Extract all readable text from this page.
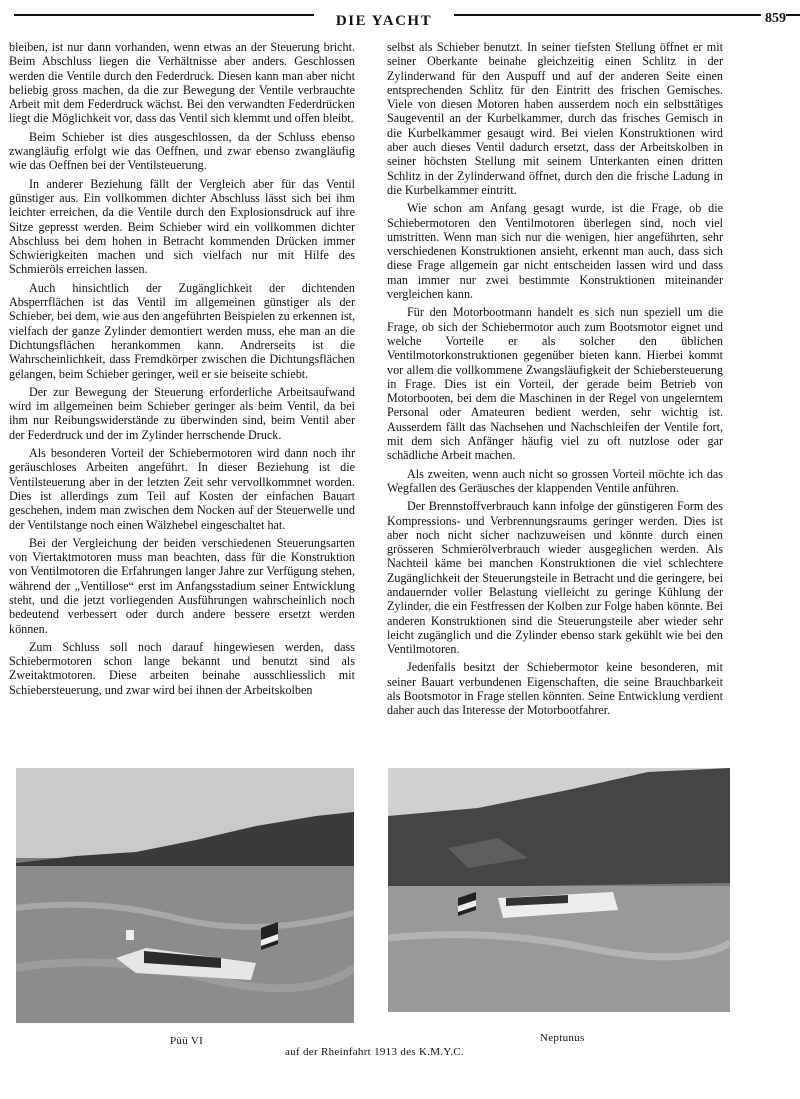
DIE YACHT	859

bleiben, ist nur dann vorhanden, wenn etwas an der Steuerung bricht. Beim Abschluss liegen die Verhältnisse aber anders. Geschlossen werden die Ventile durch den Federdruck. Diesen kann man aber nicht beliebig gross machen, da die zur Bewegung der Ventile verbrauchte Arbeit mit dem Federdruck wächst. Bei den verwandten Federdrücken liegt die Möglichkeit vor, dass das Ventil sich klemmt und offen bleibt.

Beim Schieber ist dies ausgeschlossen, da der Schluss ebenso zwangläufig erfolgt wie das Oeffnen, und zwar ebenso zwangläufig wie das Oeffnen bei der Ventilsteuerung.

In anderer Beziehung fällt der Vergleich aber für das Ventil günstiger aus. Ein vollkommen dichter Abschluss lässt sich bei ihm leichter erreichen, da die Ventile durch den Explosionsdruck auf ihre Sitze gepresst werden. Beim Schieber wird ein vollkommen dichter Abschluss bei dem hohen in Betracht kommenden Drücken immer Schwierigkeiten machen und sich vielfach nur mit Hilfe des Schmieröls erreichen lassen.

Auch hinsichtlich der Zugänglichkeit der dichtenden Absperrflächen ist das Ventil im allgemeinen günstiger als der Schieber, bei dem, wie aus den angeführten Beispielen zu erkennen ist, vielfach der ganze Zylinder demontiert werden muss, ehe man an die Dichtungsflächen herankommen kann. Andrerseits ist die Wahrscheinlichkeit, dass Fremdkörper zwischen die Dichtungsflächen gelangen, beim Schieber geringer, weil er sie beiseite schiebt.

Der zur Bewegung der Steuerung erforderliche Arbeitsaufwand wird im allgemeinen beim Schieber geringer als beim Ventil, da bei ihm nur Reibungswiderstände zu überwinden sind, beim Ventil aber der Federdruck und der im Zylinder herrschende Druck.

Als besonderen Vorteil der Schiebermotoren wird dann noch ihr geräuschloses Arbeiten angeführt. In dieser Beziehung ist die Ventilsteuerung aber in der letzten Zeit sehr vervollkommnet worden. Dies ist allerdings zum Teil auf Kosten der einfachen Bauart geschehen, indem man zwischen dem Nocken auf der Steuerwelle und der Ventilstange noch einen Wälzhebel eingeschaltet hat.

Bei der Vergleichung der beiden verschiedenen Steuerungsarten von Viertaktmotoren muss man beachten, dass für die Konstruktion von Ventilmotoren die Erfahrungen langer Jahre zur Verfügung stehen, während der „Ventillose“ erst im Anfangsstadium seiner Entwicklung steht, und die jetzt vorliegenden Ausführungen wahrscheinlich noch bedeutend verbessert oder durch andere bessere ersetzt werden können.

Zum Schluss soll noch darauf hingewiesen werden, dass Schiebermotoren schon lange bekannt und benutzt sind als Zweitaktmotoren. Diese arbeiten beinahe ausschliesslich mit Schiebersteuerung, und zwar wird bei ihnen der Arbeitskolben

selbst als Schieber benutzt. In seiner tiefsten Stellung öffnet er mit seiner Oberkante beinahe gleichzeitig einen Schlitz in der Zylinderwand für den Auspuff und auf der anderen Seite einen entsprechenden Schlitz für den Eintritt des frischen Gemisches. Viele von diesen Motoren haben ausserdem noch ein selbsttätiges Saugeventil an der Kurbelkammer, durch das frisches Gemisch in die Kurbelkammer gesaugt wird. Bei vielen Konstruktionen wird aber auch dieses Ventil dadurch ersetzt, dass der Arbeitskolben in seiner höchsten Stellung mit seinem Unterkanten einen dritten Schlitz in der Zylinderwand öffnet, durch den die frische Ladung in die Kurbelkammer eintritt.

Wie schon am Anfang gesagt wurde, ist die Frage, ob die Schiebermotoren den Ventilmotoren überlegen sind, noch viel umstritten. Wenn man sich nur die wenigen, hier angeführten, sehr verschiedenen Konstruktionen ansieht, erkennt man auch, dass sich diese Frage allgemein gar nicht entscheiden lassen wird und dass man immer nur zwei bestimmte Konstruktionen miteinander vergleichen kann.

Für den Motorbootmann handelt es sich nun speziell um die Frage, ob sich der Schiebermotor auch zum Bootsmotor eignet und welche Vorteile er als solcher den üblichen Ventilmotorkonstruktionen gegenüber bieten kann. Hierbei kommt vor allem die vollkommene Zwangsläufigkeit der Schiebersteuerung in Frage. Dies ist ein Vorteil, der gerade beim Betrieb von Motorbooten, bei dem die Maschinen in der Regel von ungelerntem Personal oder Amateuren bedient werden, sehr wichtig ist. Ausserdem fällt das Nachsehen und Nachschleifen der Ventile fort, mit dem sich Anfänger häufig viel zu oft nutzlose oder gar schädliche Arbeit machen.

Als zweiten, wenn auch nicht so grossen Vorteil möchte ich das Wegfallen des Geräusches der klappenden Ventile anführen.

Der Brennstoffverbrauch kann infolge der günstigeren Form des Kompressions- und Verbrennungsraums geringer werden. Dies ist aber noch nicht sicher nachzuweisen und könnte durch einen grösseren Schmierölverbrauch wieder ausgeglichen werden. Als Nachteil käme bei manchen Konstruktionen die viel schlechtere Zugänglichkeit der Steuerungsteile in Betracht und die geringere, bei andauernder voller Belastung vielleicht zu geringe Kühlung der Zylinder, die ein Festfressen der Kolben zur Folge haben könnte. Bei anderen Konstruktionen sind die Steuerungsteile aber wieder sehr leicht zugänglich und die Zylinder ebenso stark gekühlt wie bei den Ventilmotoren.

Jedenfalls besitzt der Schiebermotor keine besonderen, mit seiner Bauart verbundenen Eigenschaften, die seine Brauchbarkeit als Bootsmotor in Frage stellen könnten. Seine Entwicklung verdient daher auch das Interesse der Motorbootfahrer.

Püü VI	Neptunus
auf der Rheinfahrt 1913 des K.M.Y.C.
